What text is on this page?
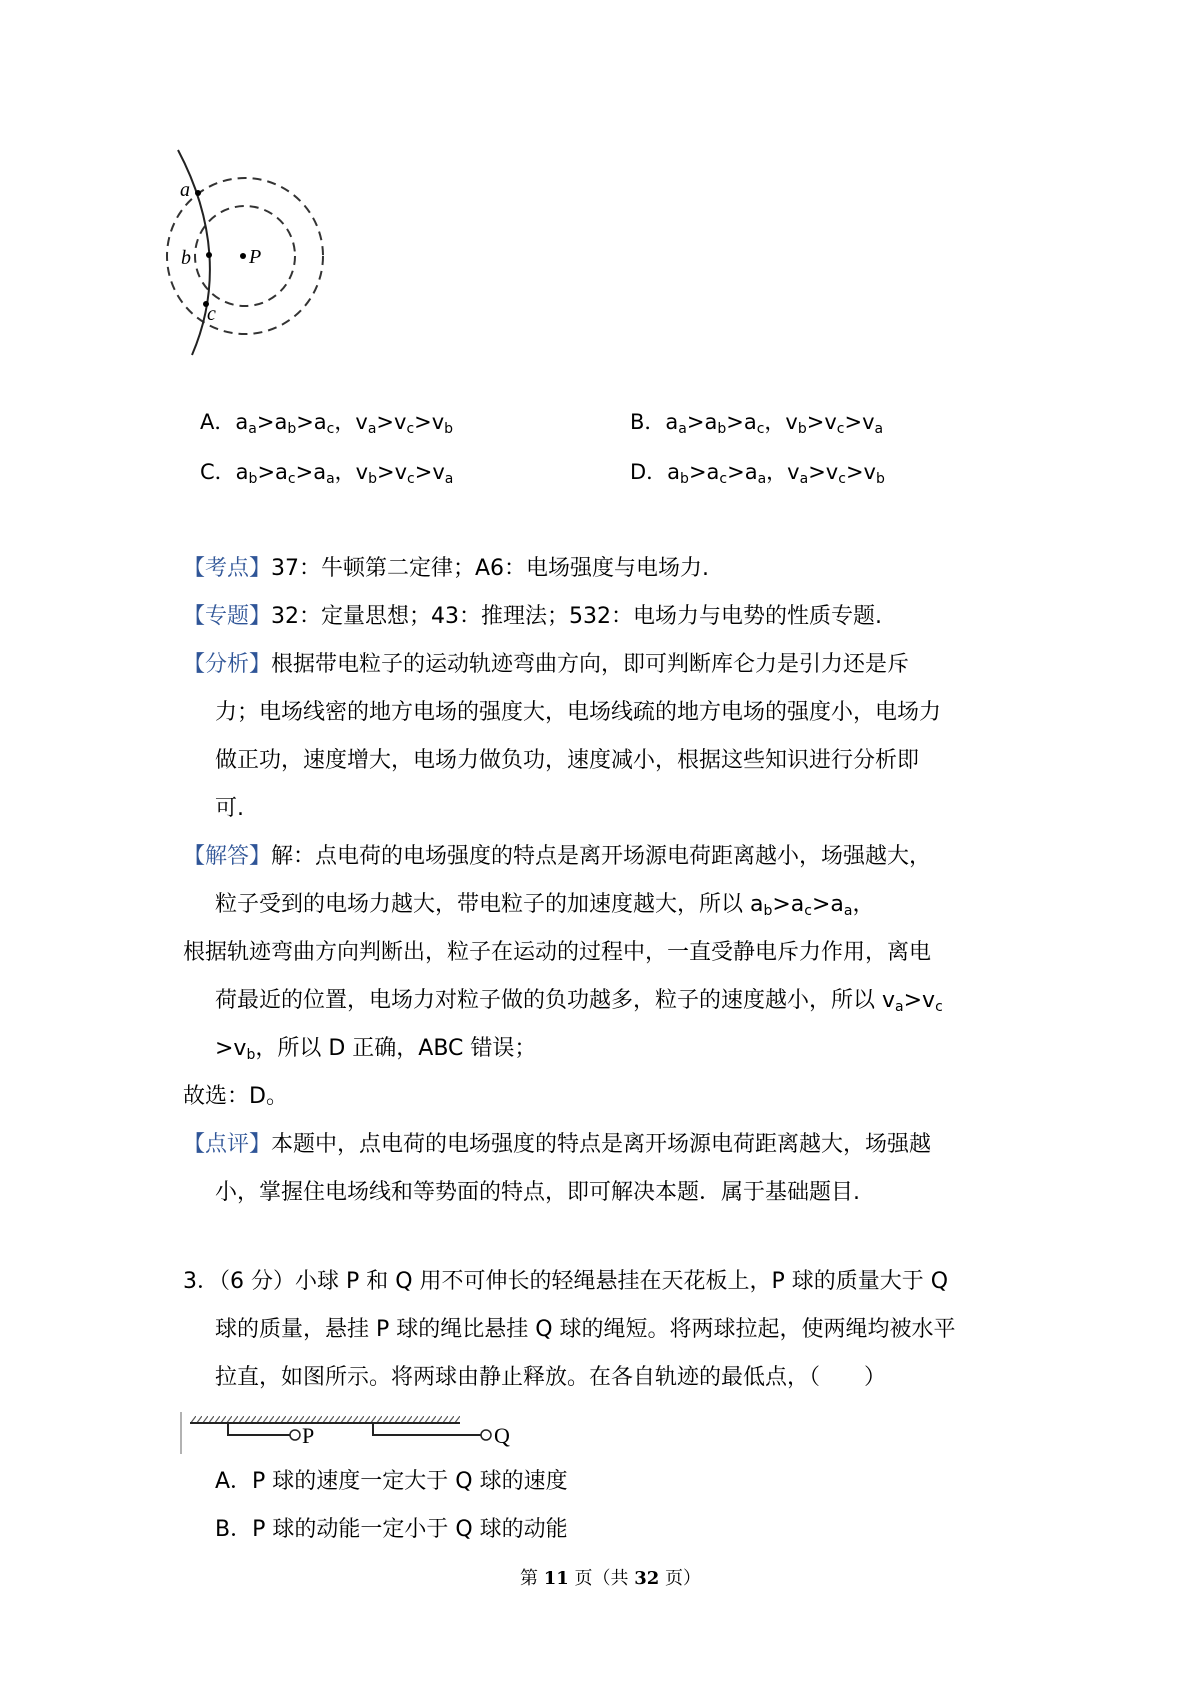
a
b
c
P
A．$a_a>a_b>a_c$，$v_a>v_c>v_b$	B．$a_a>a_b>a_c$，$v_b>v_c>v_a$
C．$a_b>a_c>a_a$，$v_b>v_c>v_a$	D．$a_b>a_c>a_a$，$v_a>v_c>v_b$
【考点】37：牛顿第二定律；A6：电场强度与电场力.
【专题】32：定量思想；43：推理法；532：电场力与电势的性质专题.
【分析】根据带电粒子的运动轨迹弯曲方向，即可判断库仑力是引力还是斥
力；电场线密的地方电场的强度大，电场线疏的地方电场的强度小，电场力
做正功，速度增大，电场力做负功，速度减小，根据这些知识进行分析即
可.
【解答】解：点电荷的电场强度的特点是离开场源电荷距离越小，场强越大，
粒子受到的电场力越大，带电粒子的加速度越大，所以 $a_b>a_c>a_a$，
根据轨迹弯曲方向判断出，粒子在运动的过程中，一直受静电斥力作用，离电
荷最近的位置，电场力对粒子做的负功越多，粒子的速度越小，所以 $v_a>v_c$
$>v_b$，所以 D 正确，ABC 错误；
故选：D。
【点评】本题中，点电荷的电场强度的特点是离开场源电荷距离越大，场强越
小，掌握住电场线和等势面的特点，即可解决本题．属于基础题目.
3．（6 分）小球 P 和 Q 用不可伸长的轻绳悬挂在天花板上，P 球的质量大于 Q
球的质量，悬挂 P 球的绳比悬挂 Q 球的绳短。将两球拉起，使两绳均被水平
拉直，如图所示。将两球由静止释放。在各自轨迹的最低点，（　　）
P	Q
A．P 球的速度一定大于 Q 球的速度
B．P 球的动能一定小于 Q 球的动能
第 11 页（共 32 页）
